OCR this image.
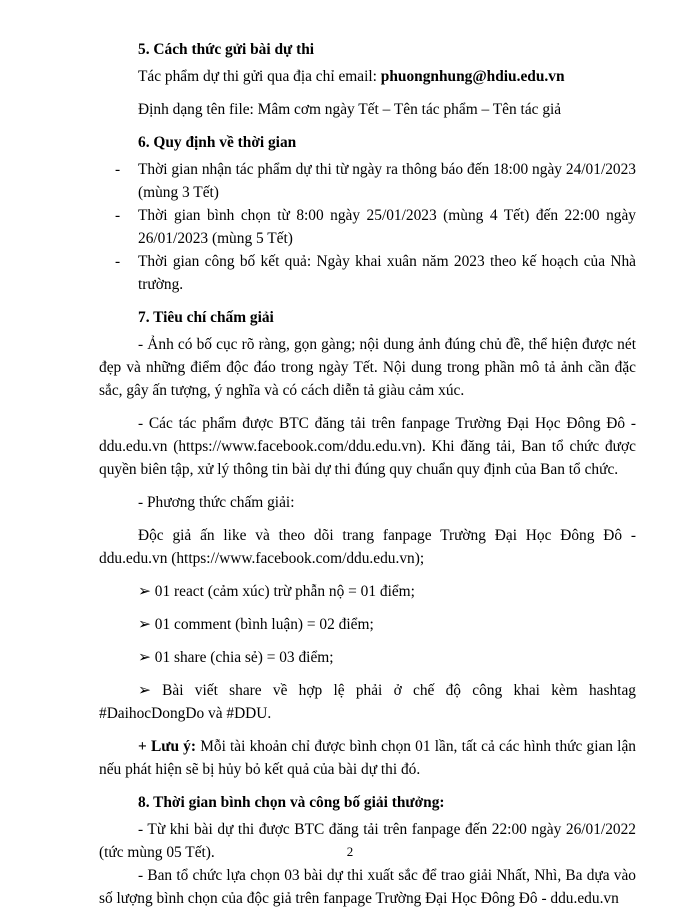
5. Cách thức gửi bài dự thi

Tác phẩm dự thi gửi qua địa chỉ email: phuongnhung@hdiu.edu.vn

Định dạng tên file: Mâm cơm ngày Tết – Tên tác phẩm – Tên tác giả

6. Quy định về thời gian

- Thời gian nhận tác phẩm dự thi từ ngày ra thông báo đến 18:00 ngày 24/01/2023 (mùng 3 Tết)
- Thời gian bình chọn từ 8:00 ngày 25/01/2023 (mùng 4 Tết) đến 22:00 ngày 26/01/2023 (mùng 5 Tết)
- Thời gian công bố kết quả: Ngày khai xuân năm 2023 theo kế hoạch của Nhà trường.

7. Tiêu chí chấm giải

- Ảnh có bố cục rõ ràng, gọn gàng; nội dung ảnh đúng chủ đề, thể hiện được nét đẹp và những điểm độc đáo trong ngày Tết. Nội dung trong phần mô tả ảnh cần đặc sắc, gây ấn tượng, ý nghĩa và có cách diễn tả giàu cảm xúc.

- Các tác phẩm được BTC đăng tải trên fanpage Trường Đại Học Đông Đô - ddu.edu.vn (https://www.facebook.com/ddu.edu.vn). Khi đăng tải, Ban tổ chức được quyền biên tập, xử lý thông tin bài dự thi đúng quy chuẩn quy định của Ban tổ chức.

- Phương thức chấm giải:

Độc giả ấn like và theo dõi trang fanpage Trường Đại Học Đông Đô - ddu.edu.vn (https://www.facebook.com/ddu.edu.vn);

➢ 01 react (cảm xúc) trừ phẫn nộ = 01 điểm;

➢ 01 comment (bình luận) = 02 điểm;

➢ 01 share (chia sẻ) = 03 điểm;

➢ Bài viết share về hợp lệ phải ở chế độ công khai kèm hashtag #DaihocDongDo và #DDU.

+ Lưu ý: Mỗi tài khoản chỉ được bình chọn 01 lần, tất cả các hình thức gian lận nếu phát hiện sẽ bị hủy bỏ kết quả của bài dự thi đó.

8. Thời gian bình chọn và công bố giải thưởng:

- Từ khi bài dự thi được BTC đăng tải trên fanpage đến 22:00 ngày 26/01/2022 (tức mùng 05 Tết).

- Ban tổ chức lựa chọn 03 bài dự thi xuất sắc để trao giải Nhất, Nhì, Ba dựa vào số lượng bình chọn của độc giả trên fanpage Trường Đại Học Đông Đô - ddu.edu.vn

2
